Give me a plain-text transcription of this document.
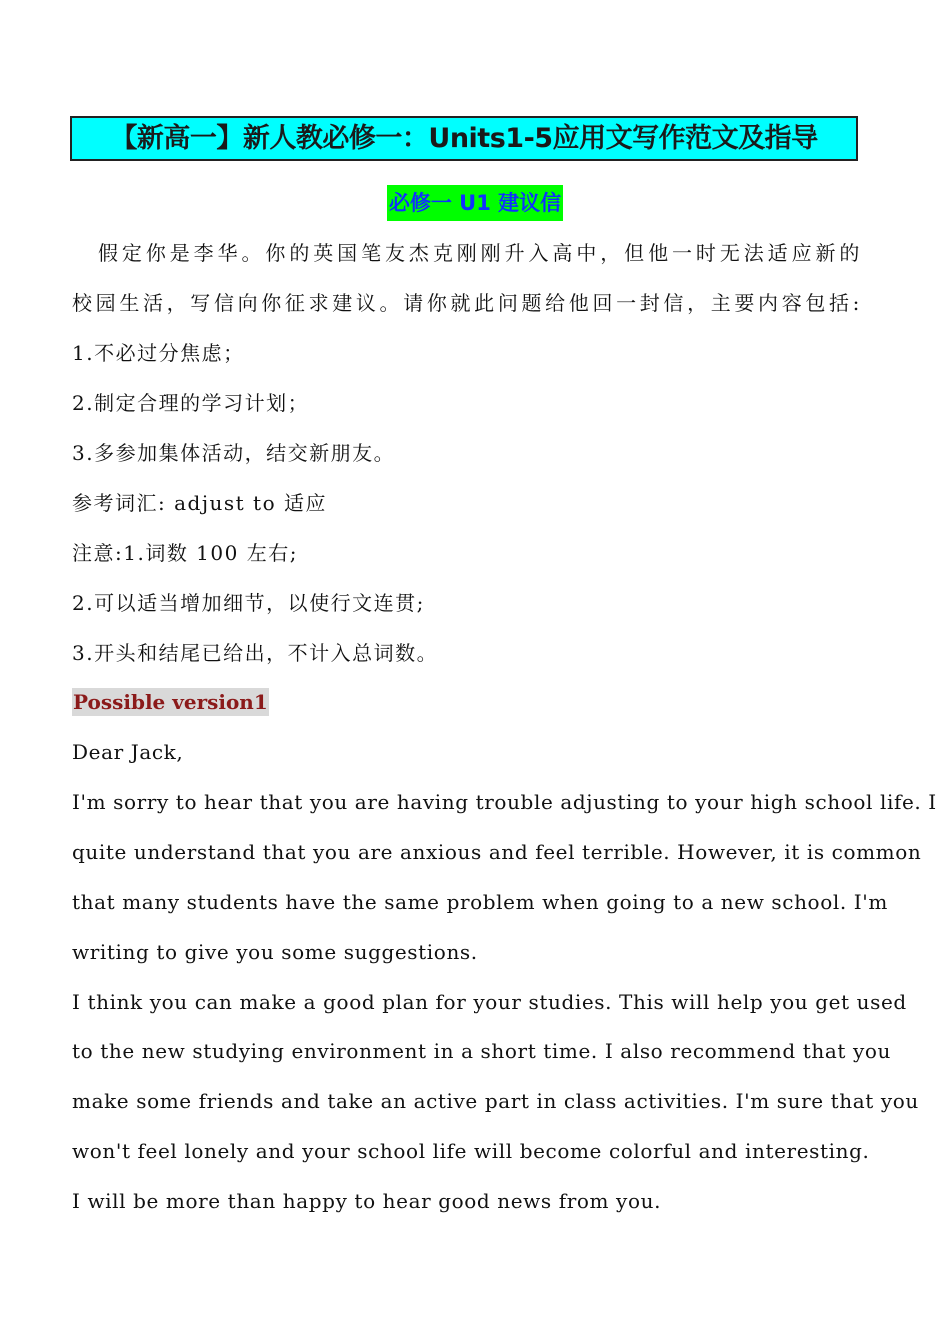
【新高一】新人教必修一：Units1-5应用文写作范文及指导
必修一 U1 建议信
假定你是李华。你的英国笔友杰克刚刚升入高中，但他一时无法适应新的
校园生活，写信向你征求建议。请你就此问题给他回一封信，主要内容包括:
1.不必过分焦虑；
2.制定合理的学习计划；
3.多参加集体活动，结交新朋友。
参考词汇: adjust to 适应
注意:1.词数 100 左右;
2.可以适当增加细节，以使行文连贯;
3.开头和结尾已给出，不计入总词数。
Possible version1
Dear Jack,
I'm sorry to hear that you are having trouble adjusting to your high school life. I
quite understand that you are anxious and feel terrible. However, it is common
that many students have the same problem when going to a new school. I'm
writing to give you some suggestions.
I think you can make a good plan for your studies. This will help you get used
to the new studying environment in a short time. I also recommend that you
make some friends and take an active part in class activities. I'm sure that you
won't feel lonely and your school life will become colorful and interesting.
I will be more than happy to hear good news from you.
